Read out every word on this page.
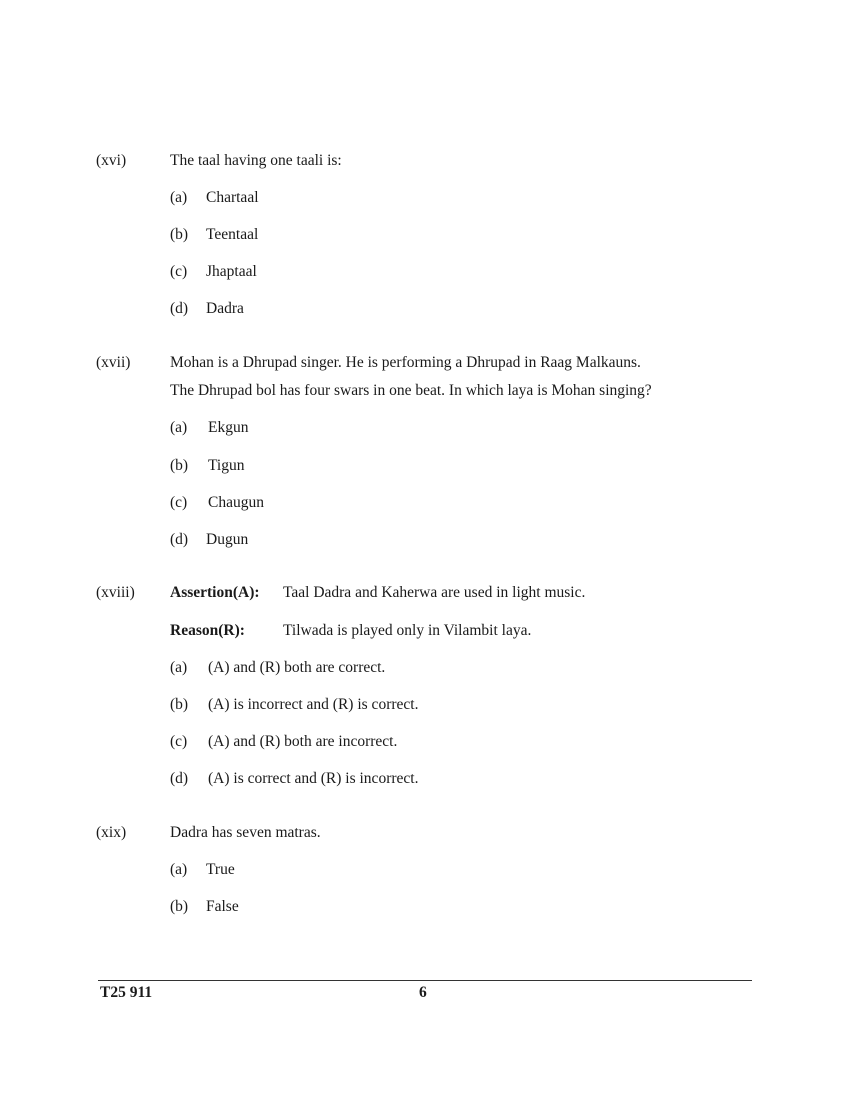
(xvi)	The taal having one taali is:
(a) Chartaal
(b) Teentaal
(c) Jhaptaal
(d) Dadra
(xvii)	Mohan is a Dhrupad singer. He is performing a Dhrupad in Raag Malkauns.
The Dhrupad bol has four swars in one beat. In which laya is Mohan singing?
(a) Ekgun
(b) Tigun
(c) Chaugun
(d) Dugun
(xviii) Assertion(A): Taal Dadra and Kaherwa are used in light music.
Reason(R): Tilwada is played only in Vilambit laya.
(a) (A) and (R) both are correct.
(b) (A) is incorrect and (R) is correct.
(c) (A) and (R) both are incorrect.
(d) (A) is correct and (R) is incorrect.
(xix)	Dadra has seven matras.
(a) True
(b) False
T25 911	6
